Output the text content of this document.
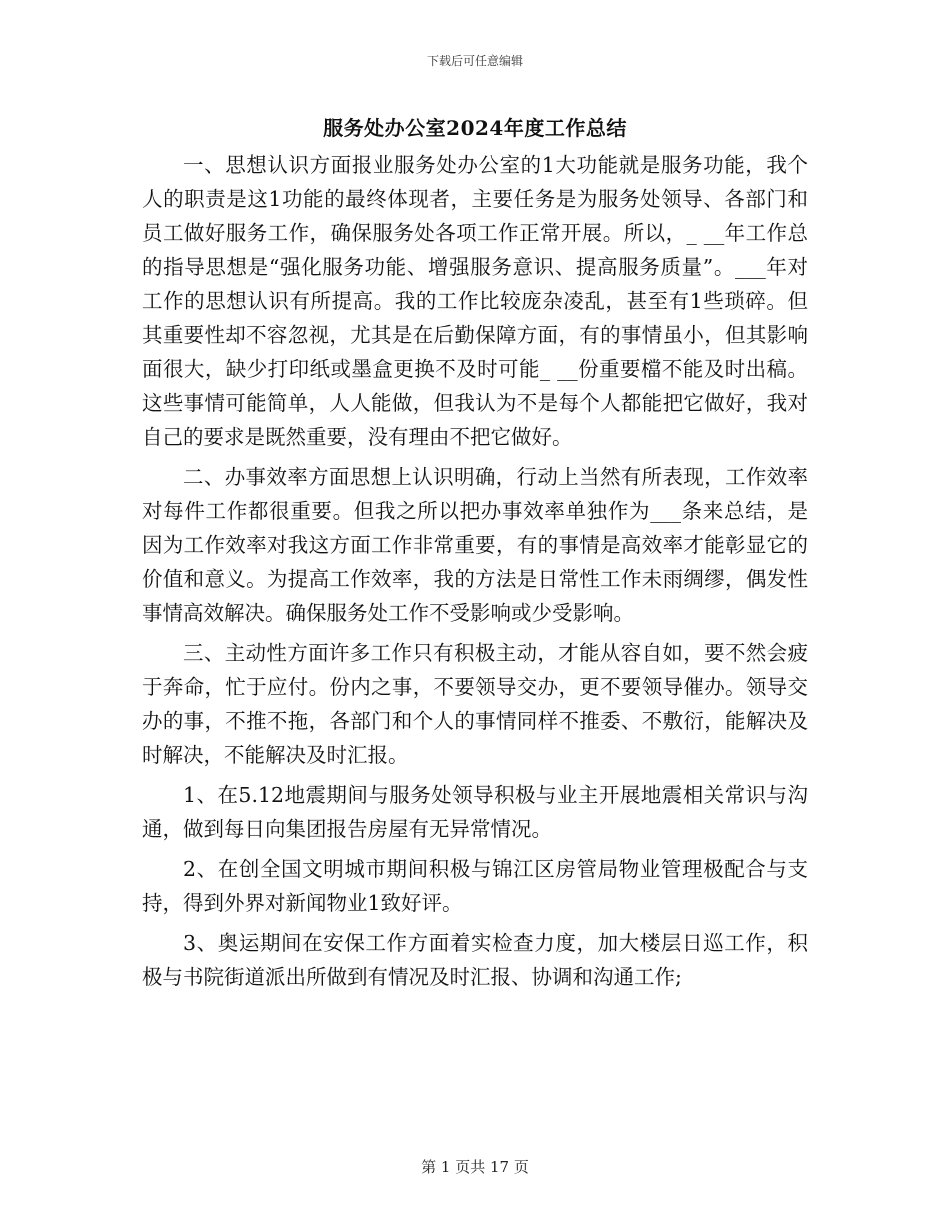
下载后可任意编辑
服务处办公室2024年度工作总结

一、思想认识方面报业服务处办公室的1大功能就是服务功能，我个人的职责是这1功能的最终体现者，主要任务是为服务处领导、各部门和员工做好服务工作，确保服务处各项工作正常开展。所以，_ __年工作总的指导思想是“强化服务功能、增强服务意识、提高服务质量”。___年对工作的思想认识有所提高。我的工作比较庞杂凌乱，甚至有1些琐碎。但其重要性却不容忽视，尤其是在后勤保障方面，有的事情虽小，但其影响面很大，缺少打印纸或墨盒更换不及时可能_ __份重要檔不能及时出稿。这些事情可能简单，人人能做，但我认为不是每个人都能把它做好，我对自己的要求是既然重要，没有理由不把它做好。

二、办事效率方面思想上认识明确，行动上当然有所表现，工作效率对每件工作都很重要。但我之所以把办事效率单独作为___条来总结，是因为工作效率对我这方面工作非常重要，有的事情是高效率才能彰显它的价值和意义。为提高工作效率，我的方法是日常性工作未雨绸缪，偶发性事情高效解决。确保服务处工作不受影响或少受影响。

三、主动性方面许多工作只有积极主动，才能从容自如，要不然会疲于奔命，忙于应付。份内之事，不要领导交办，更不要领导催办。领导交办的事，不推不拖，各部门和个人的事情同样不推委、不敷衍，能解决及时解决，不能解决及时汇报。

1、在5.12地震期间与服务处领导积极与业主开展地震相关常识与沟通，做到每日向集团报告房屋有无异常情况。

2、在创全国文明城市期间积极与锦江区房管局物业管理极配合与支持，得到外界对新闻物业1致好评。

3、奥运期间在安保工作方面着实检查力度，加大楼层日巡工作，积极与书院街道派出所做到有情况及时汇报、协调和沟通工作;

第 1 页共 17 页
